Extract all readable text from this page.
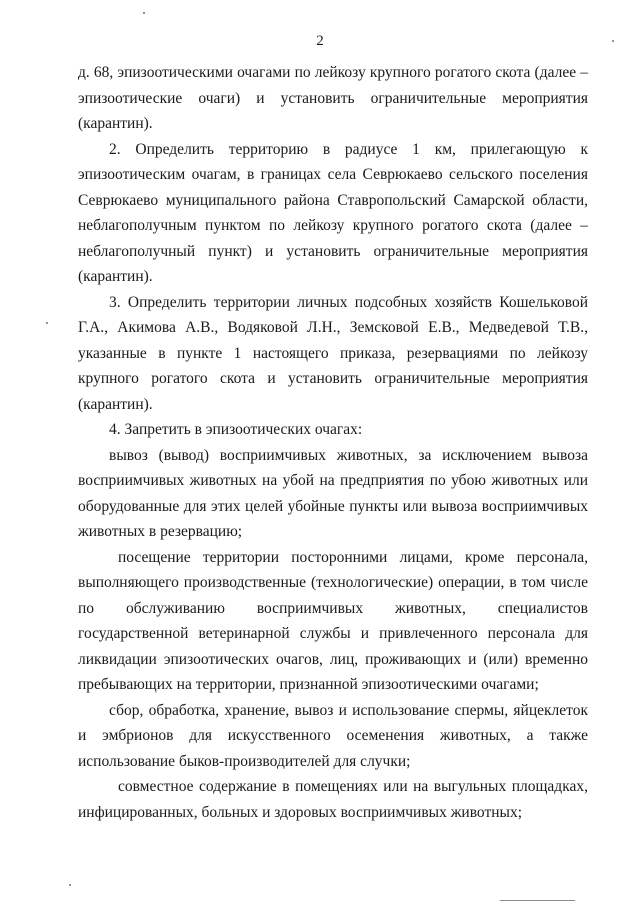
2

д. 68, эпизоотическими очагами по лейкозу крупного рогатого скота (далее – эпизоотические очаги) и установить ограничительные мероприятия (карантин).

2. Определить территорию в радиусе 1 км, прилегающую к эпизоотическим очагам, в границах села Севрюкаево сельского поселения Севрюкаево муниципального района Ставропольский Самарской области, неблагополучным пунктом по лейкозу крупного рогатого скота (далее – неблагополучный пункт) и установить ограничительные мероприятия (карантин).

3. Определить территории личных подсобных хозяйств Кошельковой Г.А., Акимова А.В., Водяковой Л.Н., Земсковой Е.В., Медведевой Т.В., указанные в пункте 1 настоящего приказа, резервациями по лейкозу крупного рогатого скота и установить ограничительные мероприятия (карантин).

4. Запретить в эпизоотических очагах:

вывоз (вывод) восприимчивых животных, за исключением вывоза восприимчивых животных на убой на предприятия по убою животных или оборудованные для этих целей убойные пункты или вывоза восприимчивых животных в резервацию;

посещение территории посторонними лицами, кроме персонала, выполняющего производственные (технологические) операции, в том числе по обслуживанию восприимчивых животных, специалистов государственной ветеринарной службы и привлеченного персонала для ликвидации эпизоотических очагов, лиц, проживающих и (или) временно пребывающих на территории, признанной эпизоотическими очагами;

сбор, обработка, хранение, вывоз и использование спермы, яйцеклеток и эмбрионов для искусственного осеменения животных, а также использование быков-производителей для случки;

совместное содержание в помещениях или на выгульных площадках, инфицированных, больных и здоровых восприимчивых животных;
